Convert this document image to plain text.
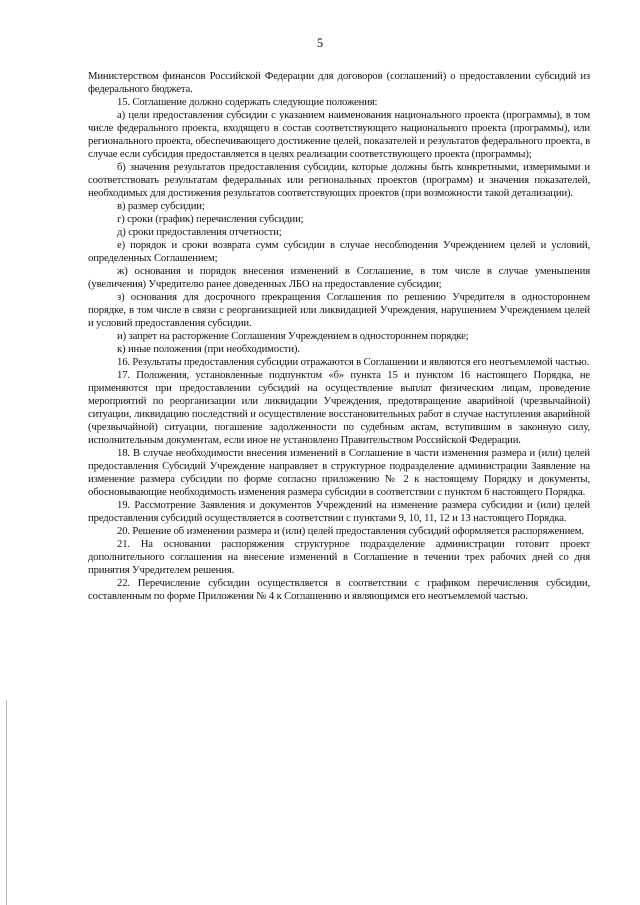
5

Министерством финансов Российской Федерации для договоров (соглашений) о предоставлении субсидий из федерального бюджета.

15. Соглашение должно содержать следующие положения:

а) цели предоставления субсидии с указанием наименования национального проекта (программы), в том числе федерального проекта, входящего в состав соответствующего национального проекта (программы), или регионального проекта, обеспечивающего достижение целей, показателей и результатов федерального проекта, в случае если субсидия предоставляется в целях реализации соответствующего проекта (программы);

б) значения результатов предоставления субсидии, которые должны быть конкретными, измеримыми и соответствовать результатам федеральных или региональных проектов (программ) и значения показателей, необходимых для достижения результатов соответствующих проектов (при возможности такой детализации).

в) размер субсидии;

г) сроки (график) перечисления субсидии;

д) сроки предоставления отчетности;

е) порядок и сроки возврата сумм субсидии в случае несоблюдения Учреждением целей и условий, определенных Соглашением;

ж) основания и порядок внесения изменений в Соглашение, в том числе в случае уменьшения (увеличения) Учредителю ранее доведенных ЛБО на предоставление субсидии;

з) основания для досрочного прекращения Соглашения по решению Учредителя в одностороннем порядке, в том числе в связи с реорганизацией или ликвидацией Учреждения, нарушением Учреждением целей и условий предоставления субсидии.

и) запрет на расторжение Соглашения Учреждением в одностороннем порядке;

к) иные положения (при необходимости).

16. Результаты предоставления субсидии отражаются в Соглашении и являются его неотъемлемой частью.

17. Положения, установленные подпунктом «б» пункта 15 и пунктом 16 настоящего Порядка, не применяются при предоставлении субсидий на осуществление выплат физическим лицам, проведение мероприятий по реорганизации или ликвидации Учреждения, предотвращение аварийной (чрезвычайной) ситуации, ликвидацию последствий и осуществление восстановительных работ в случае наступления аварийной (чрезвычайной) ситуации, погашение задолженности по судебным актам, вступившим в законную силу, исполнительным документам, если иное не установлено Правительством Российской Федерации.

18. В случае необходимости внесения изменений в Соглашение в части изменения размера и (или) целей предоставления Субсидий Учреждение направляет в структурное подразделение администрации Заявление на изменение размера субсидии по форме согласно приложению № 2 к настоящему Порядку и документы, обосновывающие необходимость изменения размера субсидии в соответствии с пунктом 6 настоящего Порядка.

19. Рассмотрение Заявления и документов Учреждений на изменение размера субсидии и (или) целей предоставления субсидий осуществляется в соответствии с пунктами 9, 10, 11, 12 и 13 настоящего Порядка.

20. Решение об изменении размера и (или) целей предоставления субсидий оформляется распоряжением.

21. На основании распоряжения структурное подразделение администрации готовит проект дополнительного соглашения на внесение изменений в Соглашение в течении трех рабочих дней со дня принятия Учредителем решения.

22. Перечисление субсидии осуществляется в соответствии с графиком перечисления субсидии, составленным по форме Приложения № 4 к Соглашению и являющимся его неотъемлемой частью.
